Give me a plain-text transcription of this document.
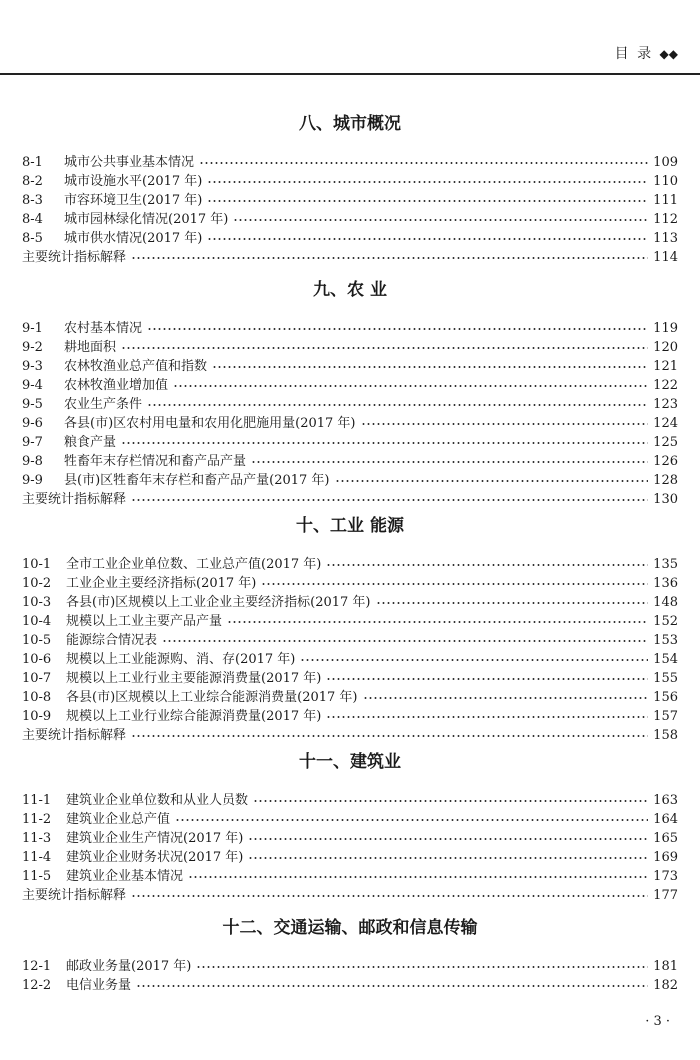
目 录 ◆◆
八、城市概况
8-1 城市公共事业基本情况	109
8-2 城市设施水平(2017 年)	110
8-3 市容环境卫生(2017 年)	111
8-4 城市园林绿化情况(2017 年)	112
8-5 城市供水情况(2017 年)	113
主要统计指标解释	114
九、农 业
9-1 农村基本情况	119
9-2 耕地面积	120
9-3 农林牧渔业总产值和指数	121
9-4 农林牧渔业增加值	122
9-5 农业生产条件	123
9-6 各县(市)区农村用电量和农用化肥施用量(2017 年)	124
9-7 粮食产量	125
9-8 牲畜年末存栏情况和畜产品产量	126
9-9 县(市)区牲畜年末存栏和畜产品产量(2017 年)	128
主要统计指标解释	130
十、工业 能源
10-1 全市工业企业单位数、工业总产值(2017 年)	135
10-2 工业企业主要经济指标(2017 年)	136
10-3 各县(市)区规模以上工业企业主要经济指标(2017 年)	148
10-4 规模以上工业主要产品产量	152
10-5 能源综合情况表	153
10-6 规模以上工业能源购、消、存(2017 年)	154
10-7 规模以上工业行业主要能源消费量(2017 年)	155
10-8 各县(市)区规模以上工业综合能源消费量(2017 年)	156
10-9 规模以上工业行业综合能源消费量(2017 年)	157
主要统计指标解释	158
十一、建筑业
11-1 建筑业企业单位数和从业人员数	163
11-2 建筑业企业总产值	164
11-3 建筑业企业生产情况(2017 年)	165
11-4 建筑业企业财务状况(2017 年)	169
11-5 建筑业企业基本情况	173
主要统计指标解释	177
十二、交通运输、邮政和信息传输
12-1 邮政业务量(2017 年)	181
12-2 电信业务量	182
· 3 ·
